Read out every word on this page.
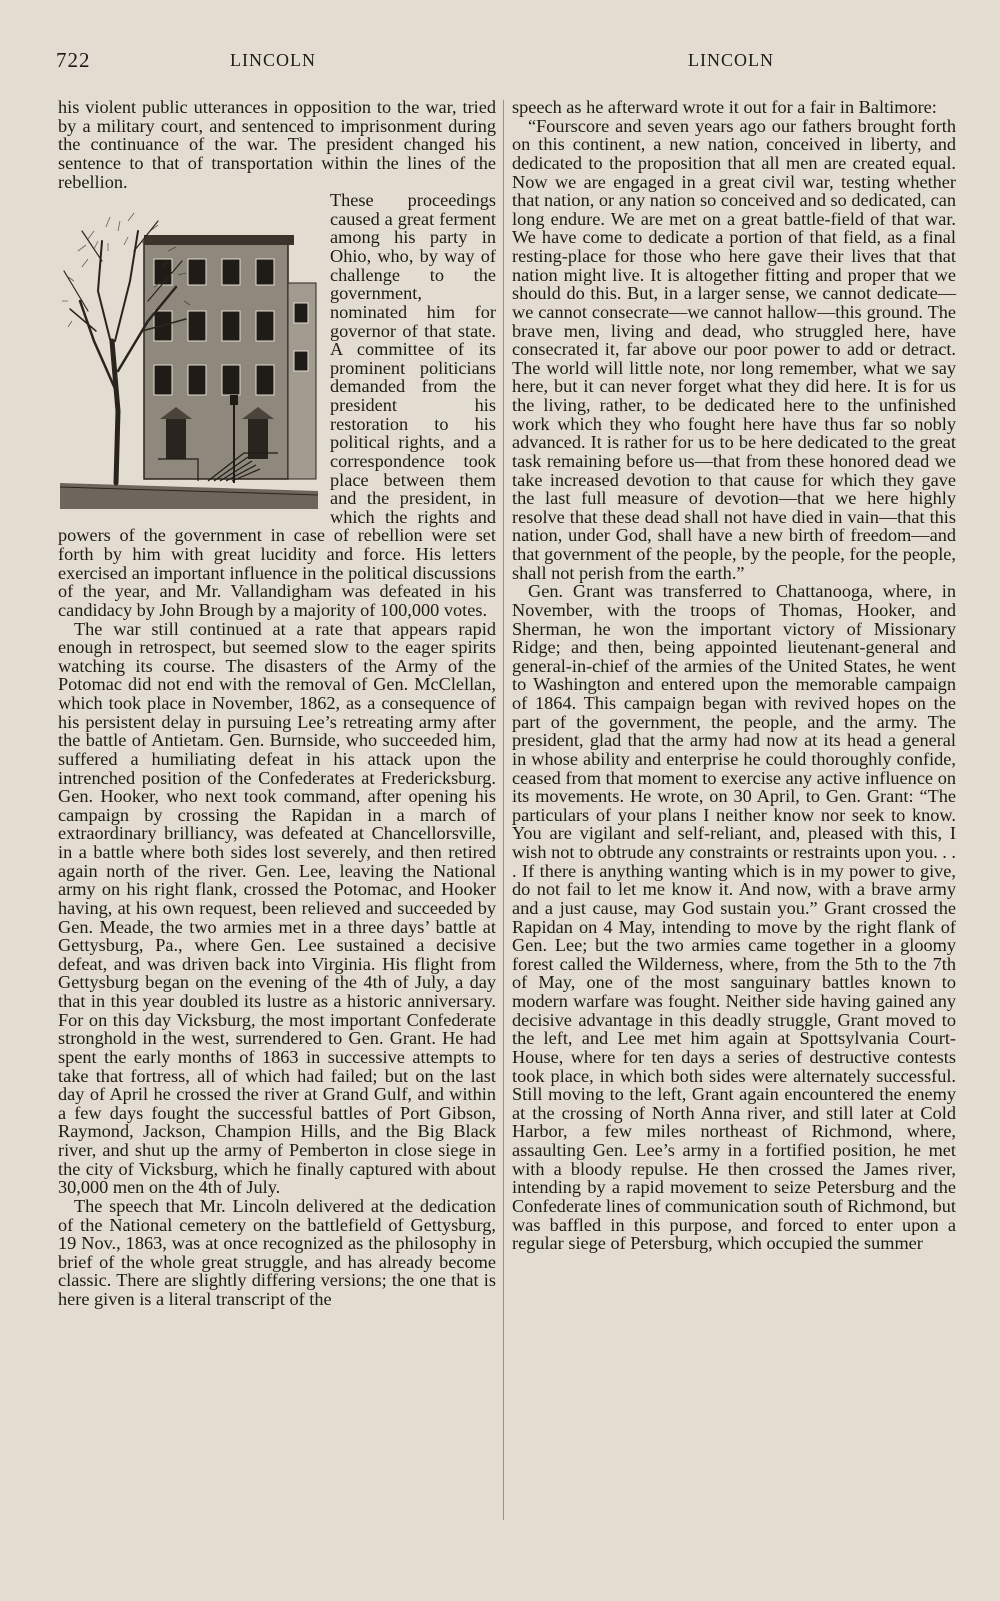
722	LINCOLN	LINCOLN

his violent public utterances in opposition to the war, tried by a military court, and sentenced to imprisonment during the continuance of the war. The president changed his sentence to that of transportation within the lines of the rebellion.

These proceedings caused a great ferment among his party in Ohio, who, by way of challenge to the government, nominated him for governor of that state. A committee of its prominent politicians demanded from the president his restoration to his political rights, and a correspondence took place between them and the president, in which the rights and powers of the government in case of rebellion were set forth by him with great lucidity and force. His letters exercised an important influence in the political discussions of the year, and Mr. Vallandigham was defeated in his candidacy by John Brough by a majority of 100,000 votes.

The war still continued at a rate that appears rapid enough in retrospect, but seemed slow to the eager spirits watching its course. The disasters of the Army of the Potomac did not end with the removal of Gen. McClellan, which took place in November, 1862, as a consequence of his persistent delay in pursuing Lee’s retreating army after the battle of Antietam. Gen. Burnside, who succeeded him, suffered a humiliating defeat in his attack upon the intrenched position of the Confederates at Fredericksburg. Gen. Hooker, who next took command, after opening his campaign by crossing the Rapidan in a march of extraordinary brilliancy, was defeated at Chancellorsville, in a battle where both sides lost severely, and then retired again north of the river. Gen. Lee, leaving the National army on his right flank, crossed the Potomac, and Hooker having, at his own request, been relieved and succeeded by Gen. Meade, the two armies met in a three days’ battle at Gettysburg, Pa., where Gen. Lee sustained a decisive defeat, and was driven back into Virginia. His flight from Gettysburg began on the evening of the 4th of July, a day that in this year doubled its lustre as a historic anniversary. For on this day Vicksburg, the most important Confederate stronghold in the west, surrendered to Gen. Grant. He had spent the early months of 1863 in successive attempts to take that fortress, all of which had failed; but on the last day of April he crossed the river at Grand Gulf, and within a few days fought the successful battles of Port Gibson, Raymond, Jackson, Champion Hills, and the Big Black river, and shut up the army of Pemberton in close siege in the city of Vicksburg, which he finally captured with about 30,000 men on the 4th of July.

The speech that Mr. Lincoln delivered at the dedication of the National cemetery on the battlefield of Gettysburg, 19 Nov., 1863, was at once recognized as the philosophy in brief of the whole great struggle, and has already become classic. There are slightly differing versions; the one that is here given is a literal transcript of the

speech as he afterward wrote it out for a fair in Baltimore:

“Fourscore and seven years ago our fathers brought forth on this continent, a new nation, conceived in liberty, and dedicated to the proposition that all men are created equal. Now we are engaged in a great civil war, testing whether that nation, or any nation so conceived and so dedicated, can long endure. We are met on a great battle-field of that war. We have come to dedicate a portion of that field, as a final resting-place for those who here gave their lives that that nation might live. It is altogether fitting and proper that we should do this. But, in a larger sense, we cannot dedicate—we cannot consecrate—we cannot hallow—this ground. The brave men, living and dead, who struggled here, have consecrated it, far above our poor power to add or detract. The world will little note, nor long remember, what we say here, but it can never forget what they did here. It is for us the living, rather, to be dedicated here to the unfinished work which they who fought here have thus far so nobly advanced. It is rather for us to be here dedicated to the great task remaining before us—that from these honored dead we take increased devotion to that cause for which they gave the last full measure of devotion—that we here highly resolve that these dead shall not have died in vain—that this nation, under God, shall have a new birth of freedom—and that government of the people, by the people, for the people, shall not perish from the earth.”

Gen. Grant was transferred to Chattanooga, where, in November, with the troops of Thomas, Hooker, and Sherman, he won the important victory of Missionary Ridge; and then, being appointed lieutenant-general and general-in-chief of the armies of the United States, he went to Washington and entered upon the memorable campaign of 1864. This campaign began with revived hopes on the part of the government, the people, and the army. The president, glad that the army had now at its head a general in whose ability and enterprise he could thoroughly confide, ceased from that moment to exercise any active influence on its movements. He wrote, on 30 April, to Gen. Grant: “The particulars of your plans I neither know nor seek to know. You are vigilant and self-reliant, and, pleased with this, I wish not to obtrude any constraints or restraints upon you. . . . If there is anything wanting which is in my power to give, do not fail to let me know it. And now, with a brave army and a just cause, may God sustain you.” Grant crossed the Rapidan on 4 May, intending to move by the right flank of Gen. Lee; but the two armies came together in a gloomy forest called the Wilderness, where, from the 5th to the 7th of May, one of the most sanguinary battles known to modern warfare was fought. Neither side having gained any decisive advantage in this deadly struggle, Grant moved to the left, and Lee met him again at Spottsylvania Court-House, where for ten days a series of destructive contests took place, in which both sides were alternately successful. Still moving to the left, Grant again encountered the enemy at the crossing of North Anna river, and still later at Cold Harbor, a few miles northeast of Richmond, where, assaulting Gen. Lee’s army in a fortified position, he met with a bloody repulse. He then crossed the James river, intending by a rapid movement to seize Petersburg and the Confederate lines of communication south of Richmond, but was baffled in this purpose, and forced to enter upon a regular siege of Petersburg, which occupied the summer
